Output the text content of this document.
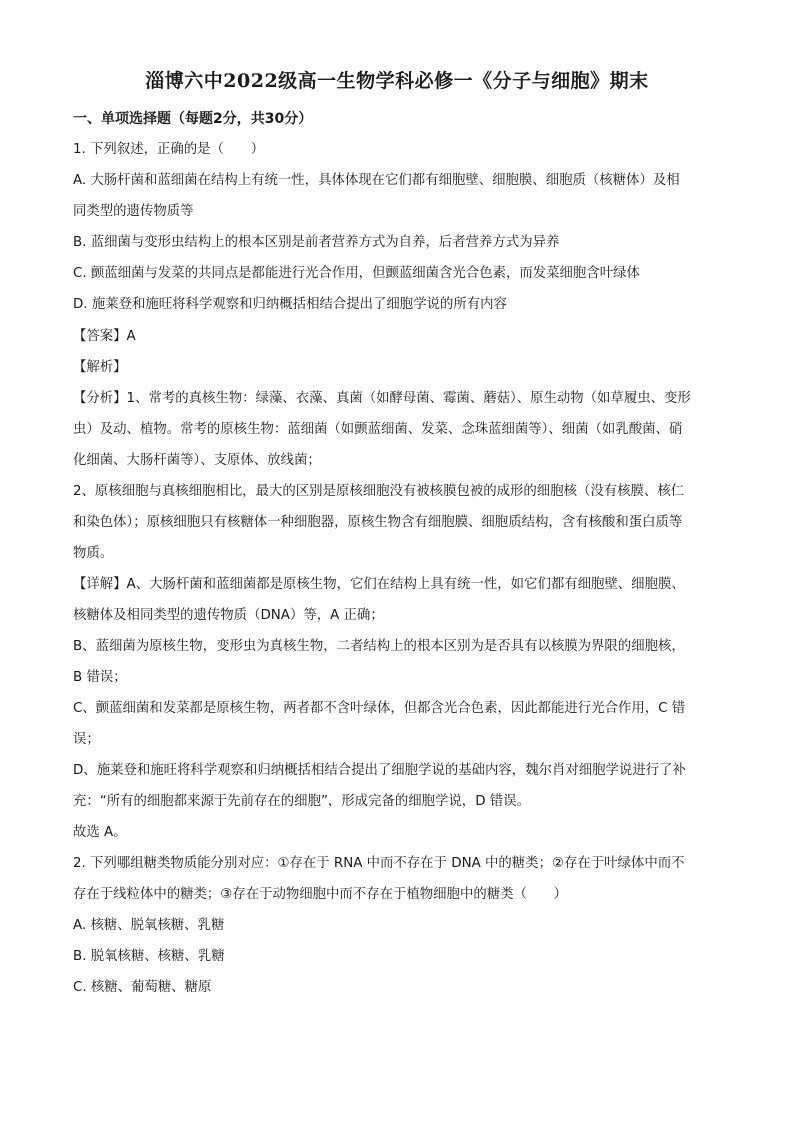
淄博六中2022级高一生物学科必修一《分子与细胞》期末
一、单项选择题（每题2分，共30分）
1. 下列叙述，正确的是（　　）
A. 大肠杆菌和蓝细菌在结构上有统一性，具体体现在它们都有细胞壁、细胞膜、细胞质（核糖体）及相
同类型的遗传物质等
B. 蓝细菌与变形虫结构上的根本区别是前者营养方式为自养，后者营养方式为异养
C. 颤蓝细菌与发菜的共同点是都能进行光合作用，但颤蓝细菌含光合色素，而发菜细胞含叶绿体
D. 施莱登和施旺将科学观察和归纳概括相结合提出了细胞学说的所有内容
【答案】A
【解析】
【分析】1、常考的真核生物：绿藻、衣藻、真菌（如酵母菌、霉菌、蘑菇）、原生动物（如草履虫、变形
虫）及动、植物。常考的原核生物：蓝细菌（如颤蓝细菌、发菜、念珠蓝细菌等）、细菌（如乳酸菌、硝
化细菌、大肠杆菌等）、支原体、放线菌；
2、原核细胞与真核细胞相比，最大的区别是原核细胞没有被核膜包被的成形的细胞核（没有核膜、核仁
和染色体）；原核细胞只有核糖体一种细胞器，原核生物含有细胞膜、细胞质结构，含有核酸和蛋白质等
物质。
【详解】A、大肠杆菌和蓝细菌都是原核生物，它们在结构上具有统一性，如它们都有细胞壁、细胞膜、
核糖体及相同类型的遗传物质（DNA）等，A 正确；
B、蓝细菌为原核生物，变形虫为真核生物，二者结构上的根本区别为是否具有以核膜为界限的细胞核，
B 错误；
C、颤蓝细菌和发菜都是原核生物，两者都不含叶绿体，但都含光合色素，因此都能进行光合作用，C 错
误；
D、施莱登和施旺将科学观察和归纳概括相结合提出了细胞学说的基础内容，魏尔肖对细胞学说进行了补
充：“所有的细胞都来源于先前存在的细胞”，形成完备的细胞学说，D 错误。
故选 A。
2. 下列哪组糖类物质能分别对应：①存在于 RNA 中而不存在于 DNA 中的糖类；②存在于叶绿体中而不
存在于线粒体中的糖类；③存在于动物细胞中而不存在于植物细胞中的糖类（　　）
A. 核糖、脱氧核糖、乳糖
B. 脱氧核糖、核糖、乳糖
C. 核糖、葡萄糖、糖原
